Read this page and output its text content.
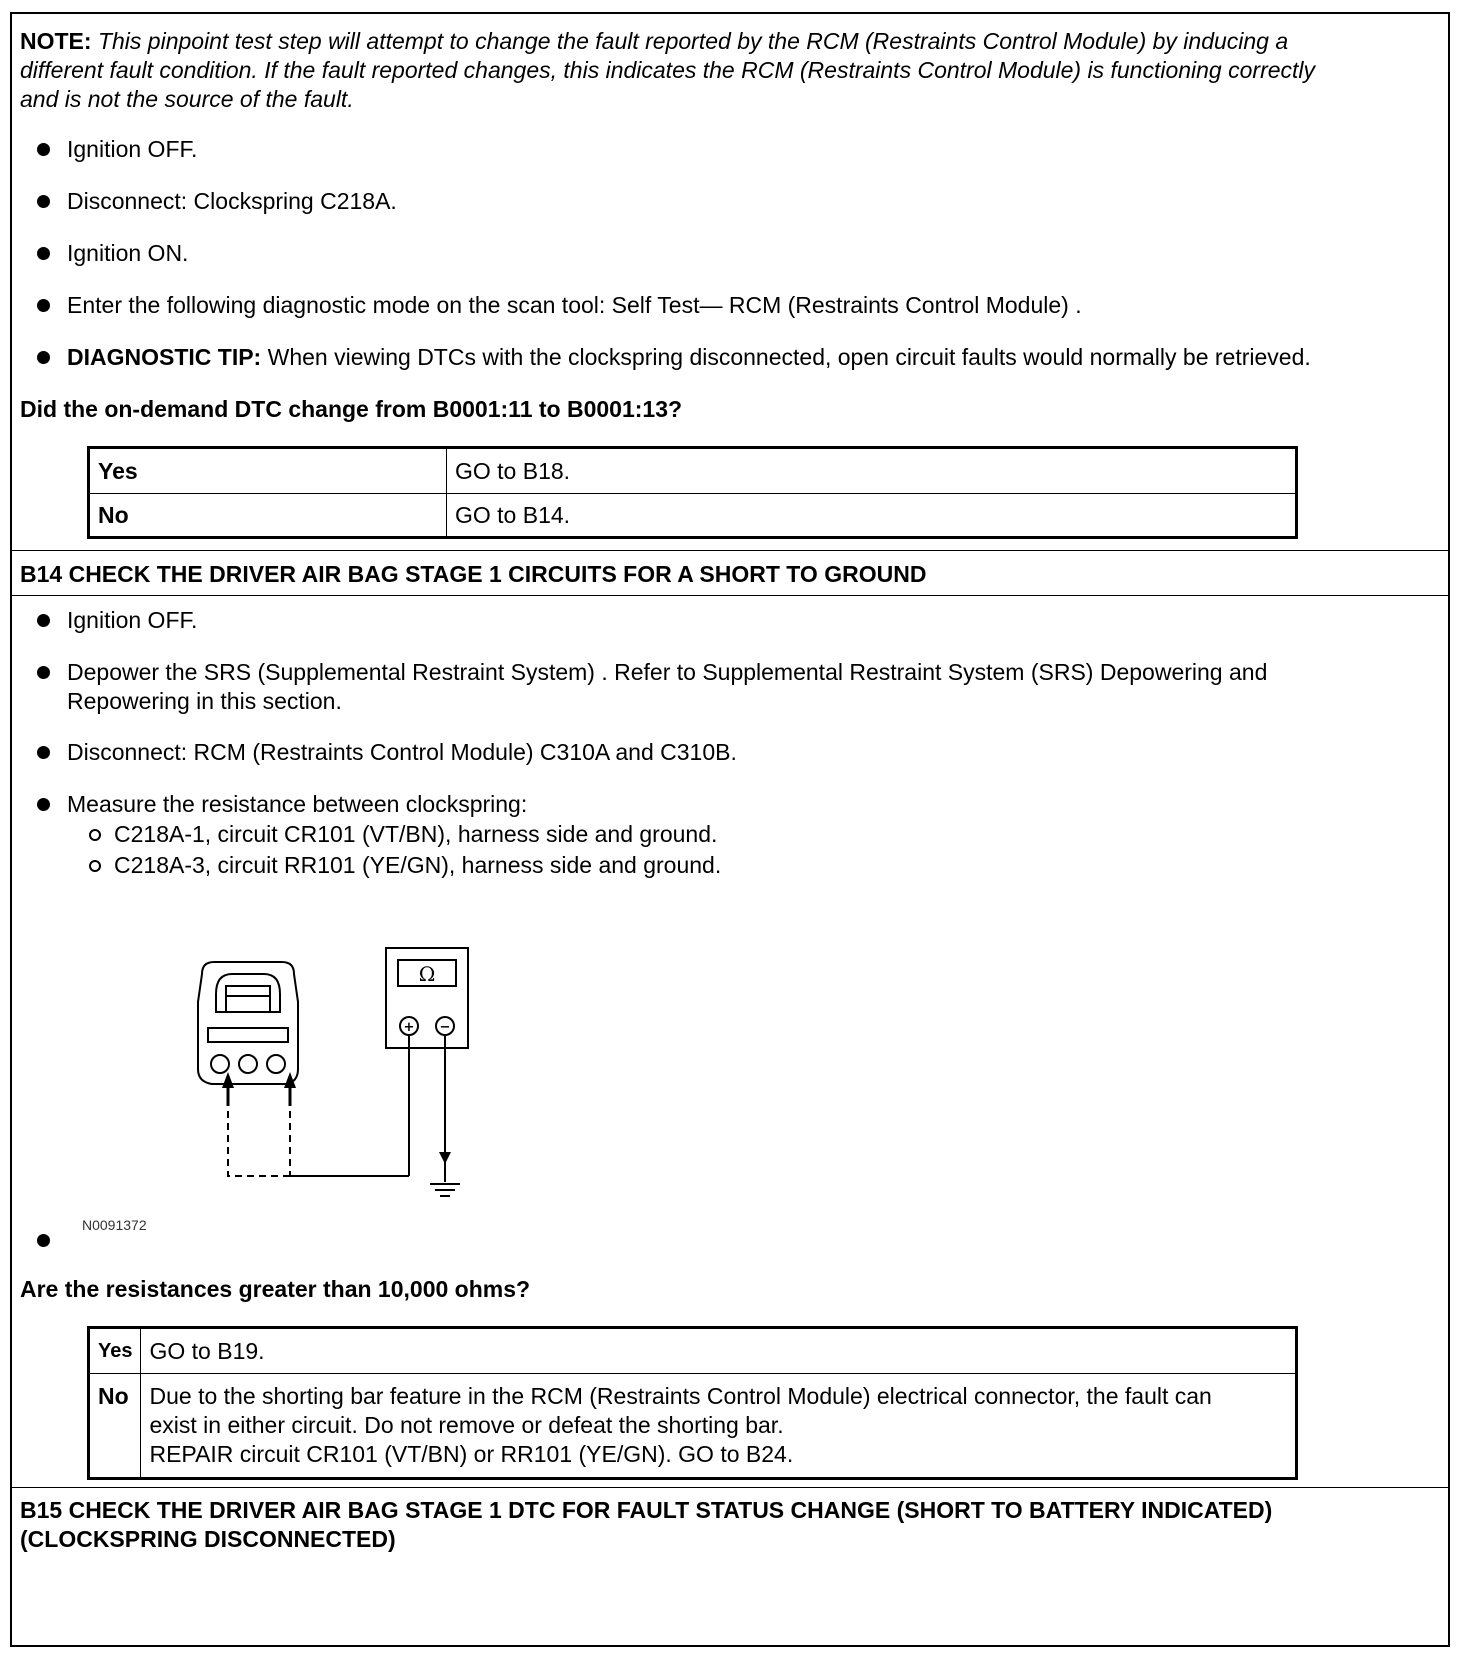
NOTE: This pinpoint test step will attempt to change the fault reported by the RCM (Restraints Control Module) by inducing a
different fault condition. If the fault reported changes, this indicates the RCM (Restraints Control Module) is functioning correctly
and is not the source of the fault.
Ignition OFF.
Disconnect: Clockspring C218A.
Ignition ON.
Enter the following diagnostic mode on the scan tool: Self Test— RCM (Restraints Control Module) .
DIAGNOSTIC TIP: When viewing DTCs with the clockspring disconnected, open circuit faults would normally be retrieved.
Did the on-demand DTC change from B0001:11 to B0001:13?
Yes	GO to B18.
No	GO to B14.
B14 CHECK THE DRIVER AIR BAG STAGE 1 CIRCUITS FOR A SHORT TO GROUND
Ignition OFF.
Depower the SRS (Supplemental Restraint System) . Refer to Supplemental Restraint System (SRS) Depowering and
Repowering in this section.
Disconnect: RCM (Restraints Control Module) C310A and C310B.
Measure the resistance between clockspring:
C218A-1, circuit CR101 (VT/BN), harness side and ground.
C218A-3, circuit RR101 (YE/GN), harness side and ground.
Ω
+ −
N0091372
Are the resistances greater than 10,000 ohms?
Yes	GO to B19.
No	Due to the shorting bar feature in the RCM (Restraints Control Module) electrical connector, the fault can
exist in either circuit. Do not remove or defeat the shorting bar.
REPAIR circuit CR101 (VT/BN) or RR101 (YE/GN). GO to B24.
B15 CHECK THE DRIVER AIR BAG STAGE 1 DTC FOR FAULT STATUS CHANGE (SHORT TO BATTERY INDICATED)
(CLOCKSPRING DISCONNECTED)
